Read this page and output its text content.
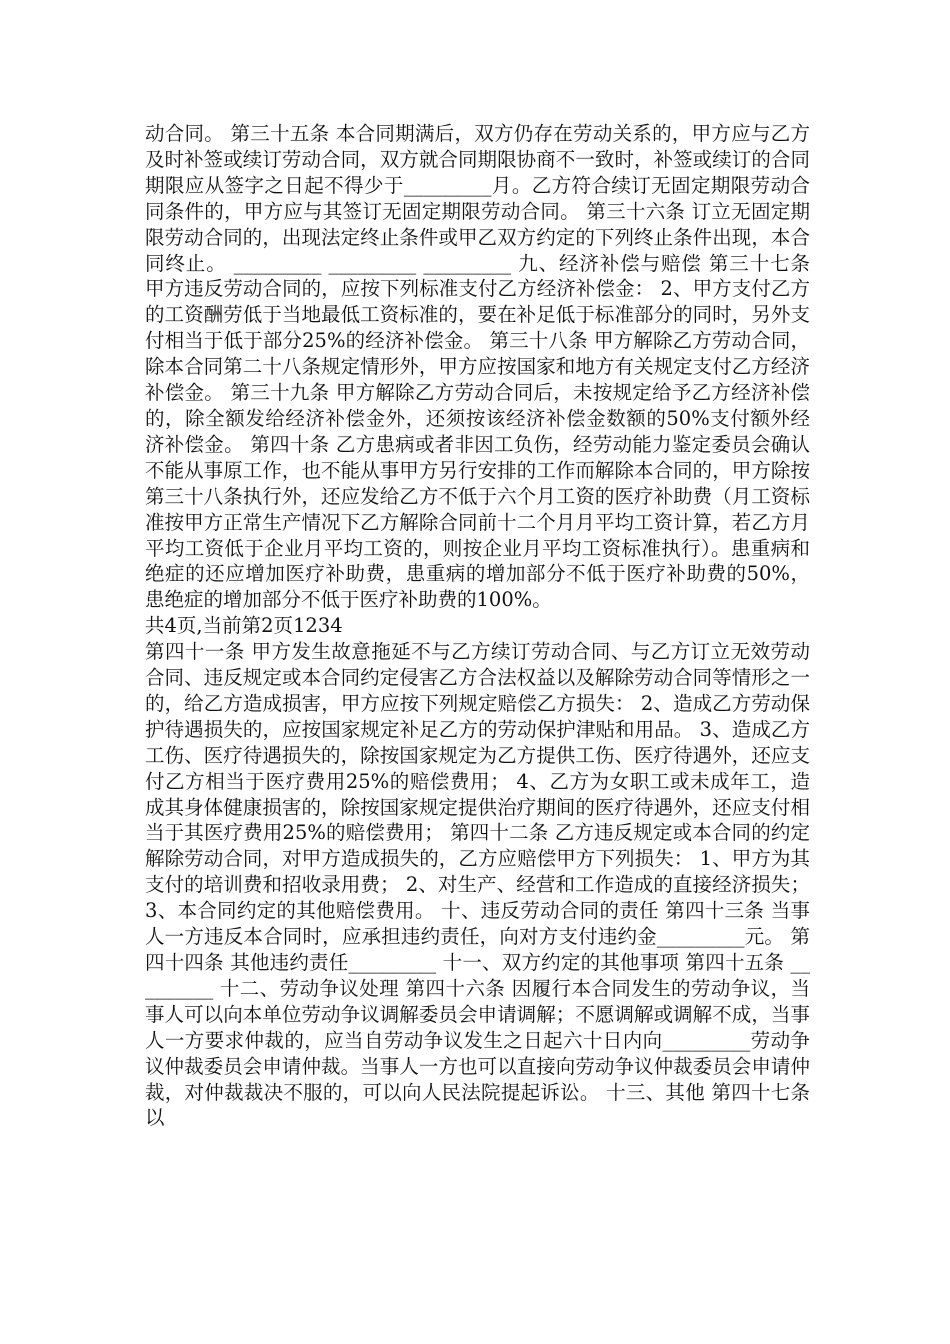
动合同。 第三十五条 本合同期满后，双方仍存在劳动关系的，甲方应与乙方及时补签或续订劳动合同，双方就合同期限协商不一致时，补签或续订的合同期限应从签字之日起不得少于_________月。乙方符合续订无固定期限劳动合同条件的，甲方应与其签订无固定期限劳动合同。 第三十六条 订立无固定期限劳动合同的，出现法定终止条件或甲乙双方约定的下列终止条件出现，本合同终止。 _________ _________ _________ 九、经济补偿与赔偿 第三十七条 甲方违反劳动合同的，应按下列标准支付乙方经济补偿金： 2、甲方支付乙方的工资酬劳低于当地最低工资标准的，要在补足低于标准部分的同时，另外支付相当于低于部分25%的经济补偿金。 第三十八条 甲方解除乙方劳动合同，除本合同第二十八条规定情形外，甲方应按国家和地方有关规定支付乙方经济补偿金。 第三十九条 甲方解除乙方劳动合同后，未按规定给予乙方经济补偿的，除全额发给经济补偿金外，还须按该经济补偿金数额的50%支付额外经济补偿金。 第四十条 乙方患病或者非因工负伤，经劳动能力鉴定委员会确认不能从事原工作，也不能从事甲方另行安排的工作而解除本合同的，甲方除按第三十八条执行外，还应发给乙方不低于六个月工资的医疗补助费（月工资标准按甲方正常生产情况下乙方解除合同前十二个月月平均工资计算，若乙方月平均工资低于企业月平均工资的，则按企业月平均工资标准执行）。患重病和绝症的还应增加医疗补助费，患重病的增加部分不低于医疗补助费的50%，患绝症的增加部分不低于医疗补助费的100%。

共4页,当前第2页1234

第四十一条 甲方发生故意拖延不与乙方续订劳动合同、与乙方订立无效劳动合同、违反规定或本合同约定侵害乙方合法权益以及解除劳动合同等情形之一的，给乙方造成损害，甲方应按下列规定赔偿乙方损失： 2、造成乙方劳动保护待遇损失的，应按国家规定补足乙方的劳动保护津贴和用品。 3、造成乙方工伤、医疗待遇损失的，除按国家规定为乙方提供工伤、医疗待遇外，还应支付乙方相当于医疗费用25%的赔偿费用； 4、乙方为女职工或未成年工，造成其身体健康损害的，除按国家规定提供治疗期间的医疗待遇外，还应支付相当于其医疗费用25%的赔偿费用； 第四十二条 乙方违反规定或本合同的约定解除劳动合同，对甲方造成损失的，乙方应赔偿甲方下列损失： 1、甲方为其支付的培训费和招收录用费； 2、对生产、经营和工作造成的直接经济损失； 3、本合同约定的其他赔偿费用。 十、违反劳动合同的责任 第四十三条 当事人一方违反本合同时，应承担违约责任，向对方支付违约金_________元。 第四十四条 其他违约责任_________ 十一、双方约定的其他事项 第四十五条 _________ 十二、劳动争议处理 第四十六条 因履行本合同发生的劳动争议，当事人可以向本单位劳动争议调解委员会申请调解；不愿调解或调解不成，当事人一方要求仲裁的，应当自劳动争议发生之日起六十日内向_________劳动争议仲裁委员会申请仲裁。当事人一方也可以直接向劳动争议仲裁委员会申请仲裁，对仲裁裁决不服的，可以向人民法院提起诉讼。 十三、其他 第四十七条 以
